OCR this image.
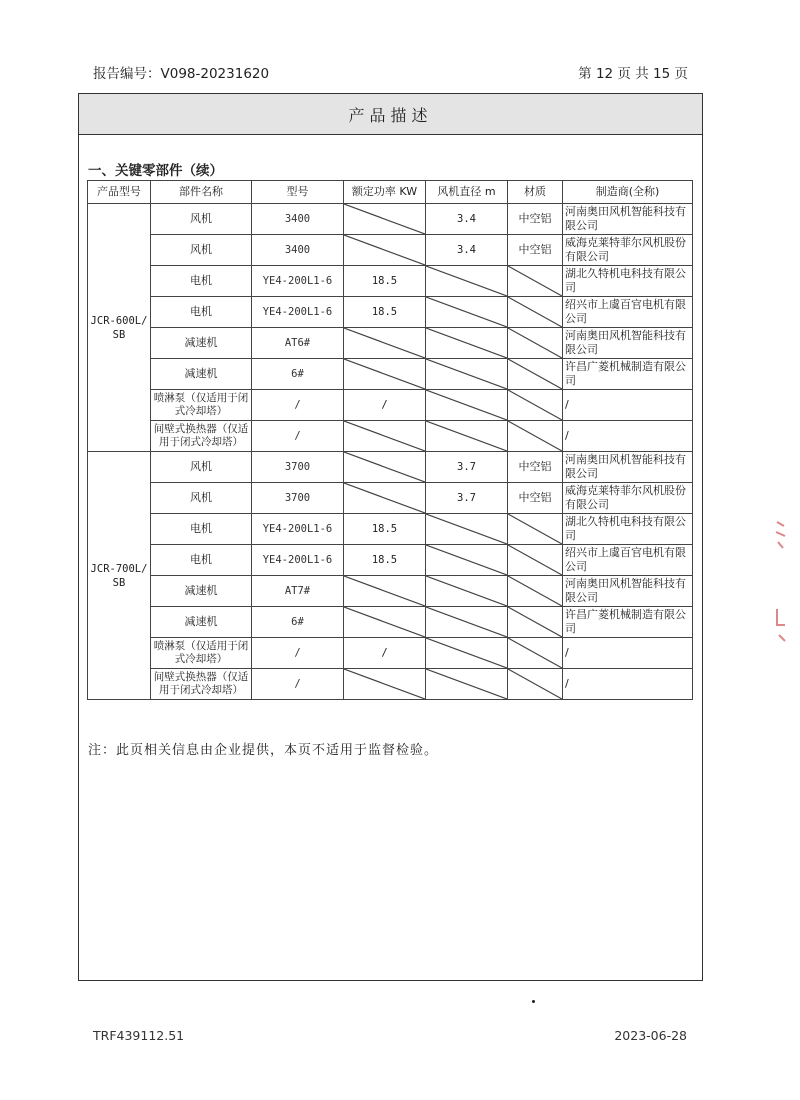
报告编号：V098-20231620	第 12 页 共 15 页
产品描述
一、关键零部件（续）
产品型号	部件名称	型号	额定功率 KW	风机直径 m	材质	制造商(全称)
JCR-600L/SB	风机	3400		3.4	中空铝	河南奥田风机智能科技有限公司
	风机	3400		3.4	中空铝	威海克莱特菲尔风机股份有限公司
	电机	YE4-200L1-6	18.5			湖北久特机电科技有限公司
	电机	YE4-200L1-6	18.5			绍兴市上虞百官电机有限公司
	减速机	AT6#				河南奥田风机智能科技有限公司
	减速机	6#				许昌广菱机械制造有限公司
	喷淋泵（仅适用于闭式冷却塔）	/	/			/
	间壁式换热器（仅适用于闭式冷却塔）	/				/
JCR-700L/SB	风机	3700		3.7	中空铝	河南奥田风机智能科技有限公司
	风机	3700		3.7	中空铝	威海克莱特菲尔风机股份有限公司
	电机	YE4-200L1-6	18.5			湖北久特机电科技有限公司
	电机	YE4-200L1-6	18.5			绍兴市上虞百官电机有限公司
	减速机	AT7#				河南奥田风机智能科技有限公司
	减速机	6#				许昌广菱机械制造有限公司
	喷淋泵（仅适用于闭式冷却塔）	/	/			/
	间壁式换热器（仅适用于闭式冷却塔）	/				/
注：此页相关信息由企业提供，本页不适用于监督检验。
TRF439112.51	2023-06-28
